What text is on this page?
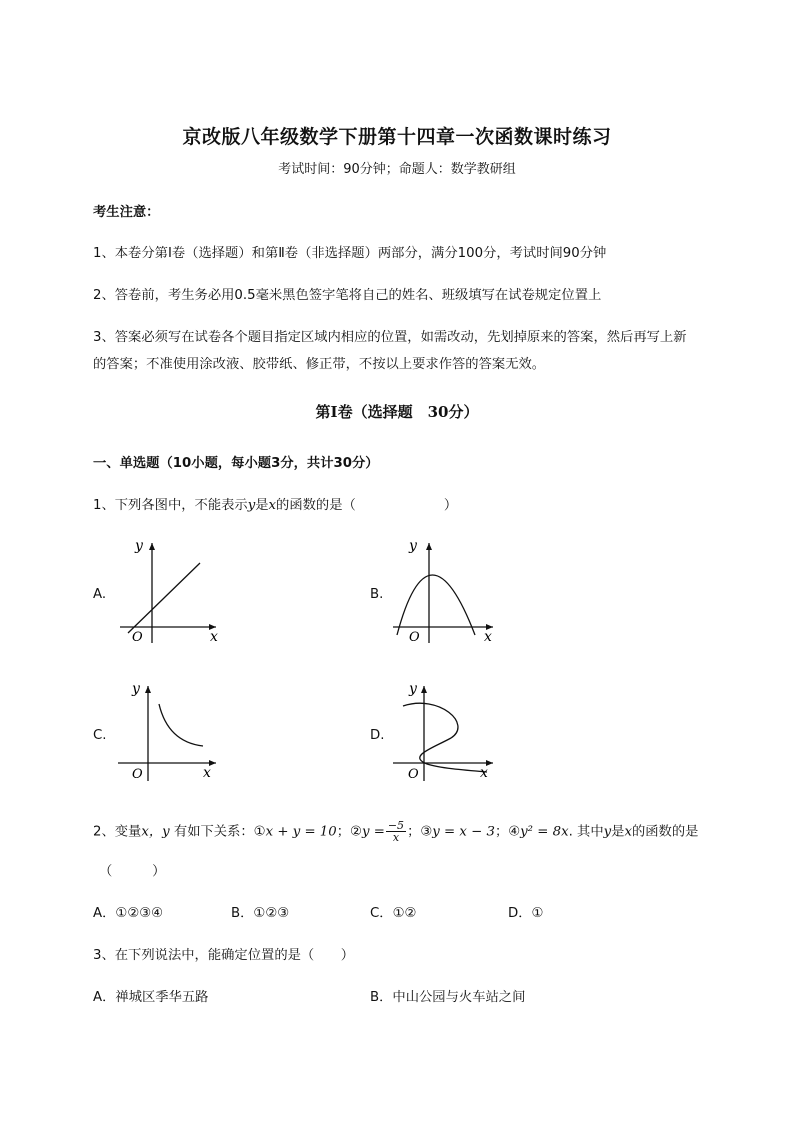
京改版八年级数学下册第十四章一次函数课时练习
考试时间：90分钟；命题人：数学教研组
考生注意：
1、本卷分第I卷（选择题）和第Ⅱ卷（非选择题）两部分，满分100分，考试时间90分钟
2、答卷前，考生务必用0.5毫米黑色签字笔将自己的姓名、班级填写在试卷规定位置上
3、答案必须写在试卷各个题目指定区域内相应的位置，如需改动，先划掉原来的答案，然后再写上新
的答案；不准使用涂改液、胶带纸、修正带，不按以上要求作答的答案无效。
第I卷（选择题　30分）
一、单选题（10小题，每小题3分，共计30分）
1、下列各图中，不能表示y是x的函数的是（	）
A.	B.
C.	D.
O	x
y
O	x
y
O	x
y
O	x
y
2、变量x，y 有如下关系：①x + y = 10；②y = $\frac{-5}{x}$ ；③y = x − 3；④y² = 8x. 其中y是x的函数的是
（　　　）
A．①②③④	B．①②③	C．①②	D．①
3、在下列说法中，能确定位置的是（　　）
A．禅城区季华五路	B．中山公园与火车站之间
